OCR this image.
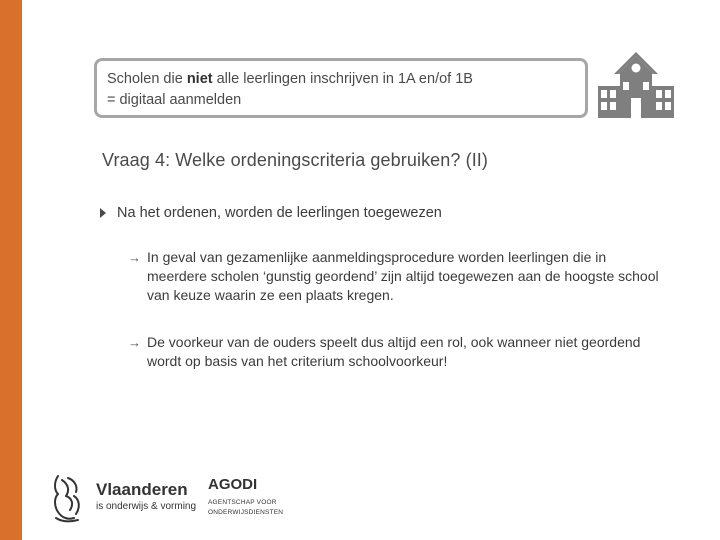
Scholen die niet alle leerlingen inschrijven in 1A en/of 1B
= digitaal aanmelden
Vraag 4: Welke ordeningscriteria gebruiken? (II)
Na het ordenen, worden de leerlingen toegewezen
→ In geval van gezamenlijke aanmeldingsprocedure worden leerlingen die in meerdere scholen ‘gunstig geordend’ zijn altijd toegewezen aan de hoogste school van keuze waarin ze een plaats kregen.
→ De voorkeur van de ouders speelt dus altijd een rol, ook wanneer niet geordend wordt op basis van het criterium schoolvoorkeur!
Vlaanderen
is onderwijs & vorming
AGODI
AGENTSCHAP VOOR ONDERWIJSDIENSTEN
